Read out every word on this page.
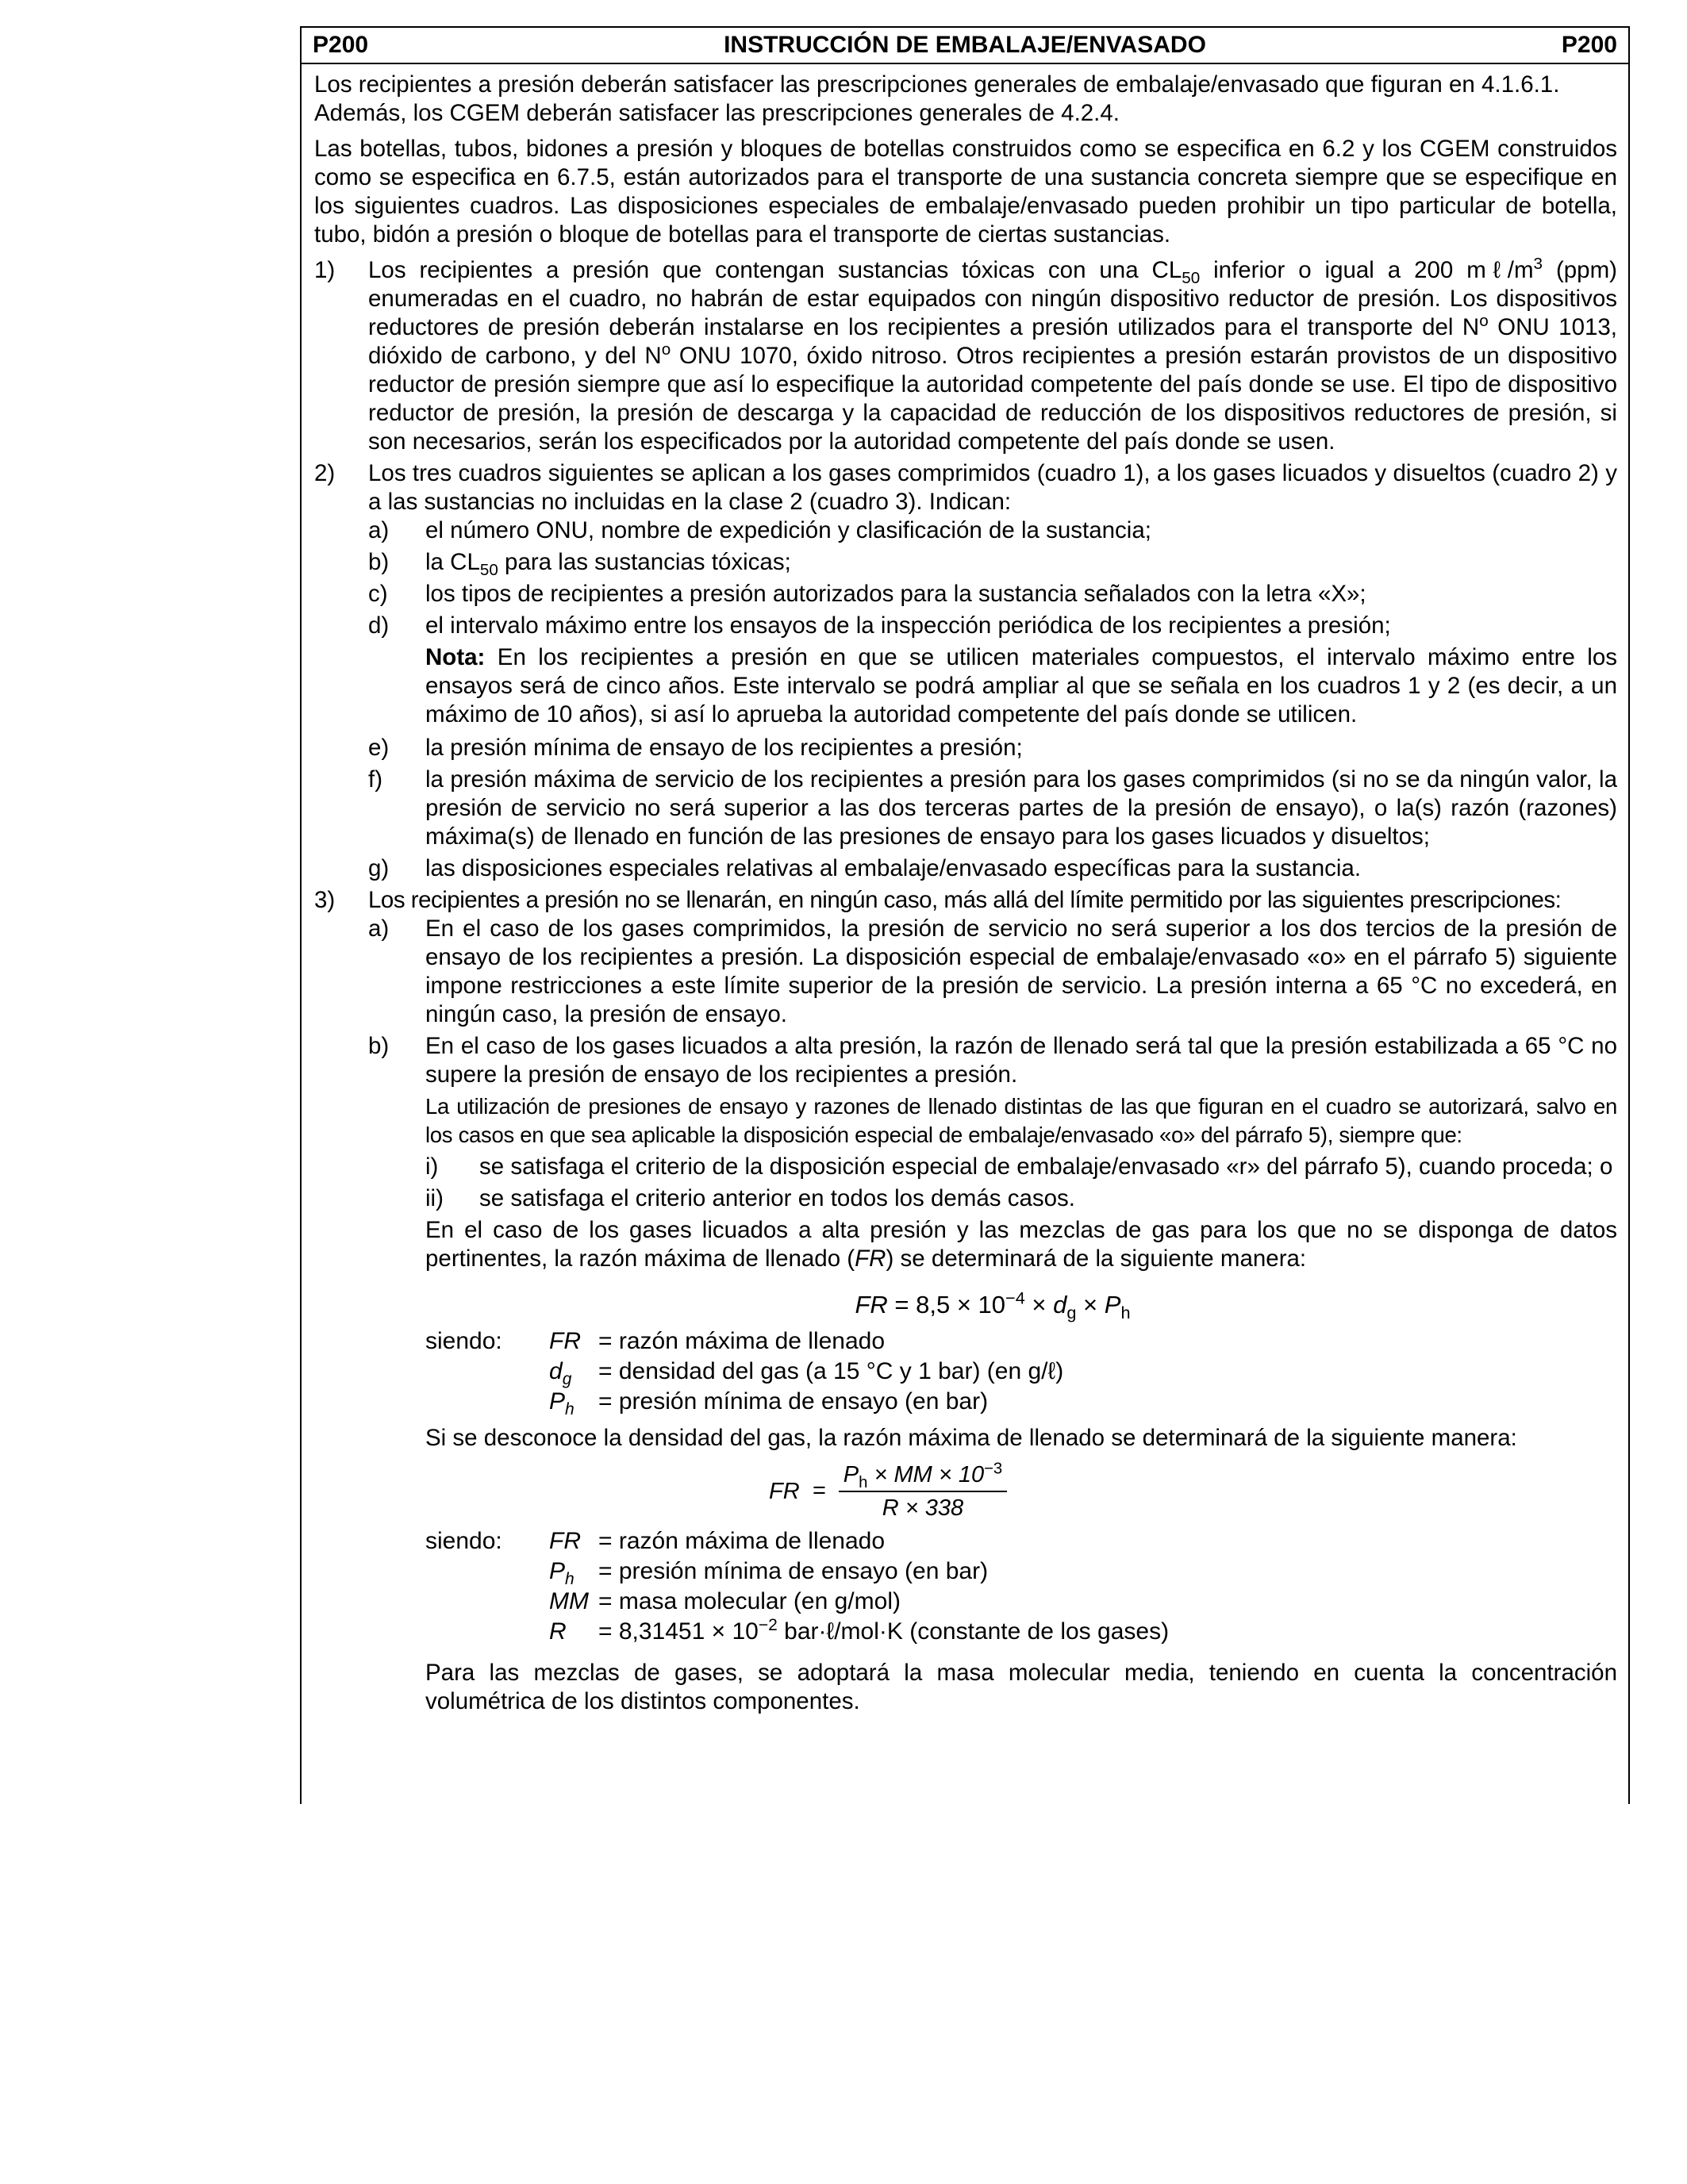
P200	INSTRUCCIÓN DE EMBALAJE/ENVASADO	P200

Los recipientes a presión deberán satisfacer las prescripciones generales de embalaje/envasado que figuran en 4.1.6.1. Además, los CGEM deberán satisfacer las prescripciones generales de 4.2.4.

Las botellas, tubos, bidones a presión y bloques de botellas construidos como se especifica en 6.2 y los CGEM construidos como se especifica en 6.7.5, están autorizados para el transporte de una sustancia concreta siempre que se especifique en los siguientes cuadros. Las disposiciones especiales de embalaje/envasado pueden prohibir un tipo particular de botella, tubo, bidón a presión o bloque de botellas para el transporte de ciertas sustancias.

1) Los recipientes a presión que contengan sustancias tóxicas con una $CL_{50}$ inferior o igual a 200 $m\ell/m^3$ (ppm) enumeradas en el cuadro, no habrán de estar equipados con ningún dispositivo reductor de presión. Los dispositivos reductores de presión deberán instalarse en los recipientes a presión utilizados para el transporte del $N^o$ ONU 1013, dióxido de carbono, y del $N^o$ ONU 1070, óxido nitroso. Otros recipientes a presión estarán provistos de un dispositivo reductor de presión siempre que así lo especifique la autoridad competente del país donde se use. El tipo de dispositivo reductor de presión, la presión de descarga y la capacidad de reducción de los dispositivos reductores de presión, si son necesarios, serán los especificados por la autoridad competente del país donde se usen.
2) Los tres cuadros siguientes se aplican a los gases comprimidos (cuadro 1), a los gases licuados y disueltos (cuadro 2) y a las sustancias no incluidas en la clase 2 (cuadro 3). Indican:

a) el número ONU, nombre de expedición y clasificación de la sustancia;
b) la $CL_{50}$ para las sustancias tóxicas;
c) los tipos de recipientes a presión autorizados para la sustancia señalados con la letra «X»;
d) el intervalo máximo entre los ensayos de la inspección periódica de los recipientes a presión;
Nota: En los recipientes a presión en que se utilicen materiales compuestos, el intervalo máximo entre los ensayos será de cinco años. Este intervalo se podrá ampliar al que se señala en los cuadros 1 y 2 (es decir, a un máximo de 10 años), si así lo aprueba la autoridad competente del país donde se utilicen.
e) la presión mínima de ensayo de los recipientes a presión;
f) la presión máxima de servicio de los recipientes a presión para los gases comprimidos (si no se da ningún valor, la presión de servicio no será superior a las dos terceras partes de la presión de ensayo), o la(s) razón (razones) máxima(s) de llenado en función de las presiones de ensayo para los gases licuados y disueltos;
g) las disposiciones especiales relativas al embalaje/envasado específicas para la sustancia.
3) Los recipientes a presión no se llenarán, en ningún caso, más allá del límite permitido por las siguientes prescripciones:

a) En el caso de los gases comprimidos, la presión de servicio no será superior a los dos tercios de la presión de ensayo de los recipientes a presión. La disposición especial de embalaje/envasado «o» en el párrafo 5) siguiente impone restricciones a este límite superior de la presión de servicio. La presión interna a 65 °C no excederá, en ningún caso, la presión de ensayo.
b) En el caso de los gases licuados a alta presión, la razón de llenado será tal que la presión estabilizada a 65 °C no supere la presión de ensayo de los recipientes a presión.
La utilización de presiones de ensayo y razones de llenado distintas de las que figuran en el cuadro se autorizará, salvo en los casos en que sea aplicable la disposición especial de embalaje/envasado «o» del párrafo 5), siempre que:
i) se satisfaga el criterio de la disposición especial de embalaje/envasado «r» del párrafo 5), cuando proceda; o
ii) se satisfaga el criterio anterior en todos los demás casos.
En el caso de los gases licuados a alta presión y las mezclas de gas para los que no se disponga de datos pertinentes, la razón máxima de llenado (FR) se determinará de la siguiente manera:
FR = $8,5 \times 10^{-4} \times d_g \times P_h$
siendo: FR = razón máxima de llenado
$d_g$ = densidad del gas (a 15 °C y 1 bar) (en g/ℓ)
$P_h$ = presión mínima de ensayo (en bar)
Si se desconoce la densidad del gas, la razón máxima de llenado se determinará de la siguiente manera:
FR =
$P_h$ × MM × $10^{-3}$
R × 338
siendo: FR = razón máxima de llenado
$P_h$ = presión mínima de ensayo (en bar)
MM = masa molecular (en g/mol)
$R = 8,31451 \times 10^{-2}$ bar·ℓ/mol·K (constante de los gases)
Para las mezclas de gases, se adoptará la masa molecular media, teniendo en cuenta la concentración volumétrica de los distintos componentes.
